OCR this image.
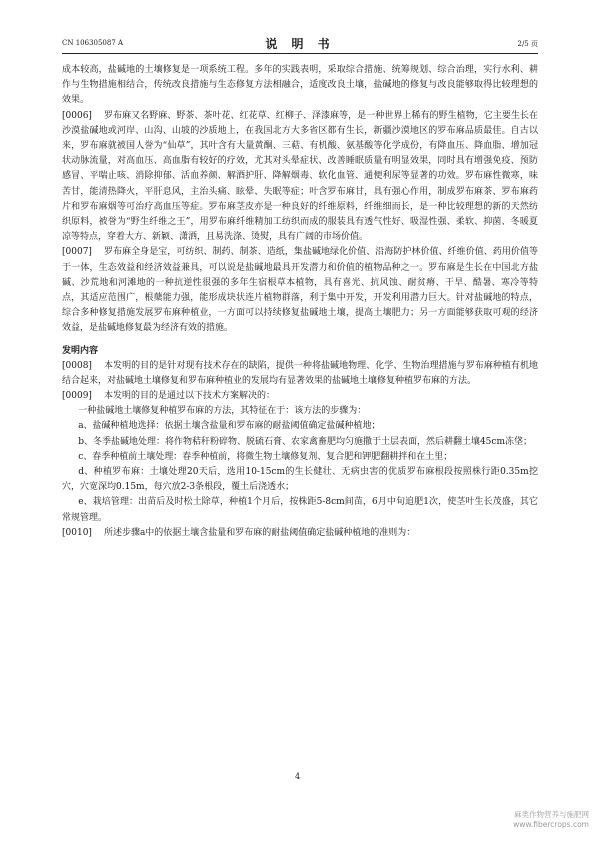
CN 106305087 A	说 明 书	2/5 页

成本较高，盐碱地的土壤修复是一项系统工程。多年的实践表明，采取综合措施、统筹规划、综合治理，实行水利、耕作与生物措施相结合，传统改良措施与生态修复方法相融合，适度改良土壤，盐碱地的修复与改良能够取得比较理想的效果。

[0006] 罗布麻又名野麻、野茶、茶叶花、红花草、红柳子、泽漆麻等，是一种世界上稀有的野生植物，它主要生长在沙漠盐碱地或河岸、山沟、山坡的沙质地上，在我国北方大多省区都有生长，新疆沙漠地区的罗布麻品质最佳。自古以来，罗布麻就被国人誉为“仙草”，其叶含有大量黄酮、三萜、有机酸、氨基酸等化学成份，有降血压、降血脂、增加冠状动脉流量，对高血压、高血脂有较好的疗效，尤其对头晕症状、改善睡眠质量有明显效果，同时具有增强免疫、预防感冒、平喘止咳、消除抑郁、活血养颜、解酒护肝、降解烟毒、软化血管、通便利尿等显著的功效。罗布麻性微寒，味苦甘，能清热降火，平肝息风，主治头痛、眩晕、失眠等症；叶含罗布麻甘，具有强心作用，制成罗布麻茶、罗布麻药片和罗布麻烟等可治疗高血压等症。罗布麻茎皮亦是一种良好的纤维原料，纤维细而长，是一种比较理想的新的天然纺织原料，被誉为“野生纤维之王”，用罗布麻纤维精加工纺织而成的服装具有透气性好、吸湿性强、柔软、抑菌、冬暖夏凉等特点，穿着大方、新颖、潇洒，且易洗涤、烫熨，具有广阔的市场价值。

[0007] 罗布麻全身是宝，可纺织、制药、制茶、造纸，集盐碱地绿化价值、沿海防护林价值、纤维价值、药用价值等于一体，生态效益和经济效益兼具，可以说是盐碱地最具开发潜力和价值的植物品种之一。罗布麻是生长在中国北方盐碱、沙荒地和河滩地的一种抗逆性很强的多年生宿根草本植物，具有喜光、抗风蚀、耐贫瘠、干旱、酷暑、寒冷等特点，其适应范围广，根蘖能力强，能形成块状连片植物群落，利于集中开发，开发利用潜力巨大。针对盐碱地的特点，综合多种修复措施发展罗布麻种植业，一方面可以持续修复盐碱地土壤，提高土壤肥力；另一方面能够获取可观的经济效益，是盐碱地修复最为经济有效的措施。

发明内容

[0008] 本发明的目的是针对现有技术存在的缺陷，提供一种将盐碱地物理、化学、生物治理措施与罗布麻种植有机地结合起来，对盐碱地土壤修复和罗布麻种植业的发展均有显著效果的盐碱地土壤修复种植罗布麻的方法。

[0009] 本发明的目的是通过以下技术方案解决的：

一种盐碱地土壤修复种植罗布麻的方法，其特征在于：该方法的步骤为：

a、盐碱种植地选择：依据土壤含盐量和罗布麻的耐盐阈值确定盐碱种植地；

b、冬季盐碱地处理：将作物秸秆粉碎物、脱硫石膏、农家禽畜肥均匀施撒于土层表面，然后耕翻土壤45cm冻垡；

c、春季种植前土壤处理：春季种植前，将微生物土壤修复剂、复合肥和钾肥翻耕拌和在土里；

d、种植罗布麻：土壤处理20天后，选用10-15cm的生长健壮、无病虫害的优质罗布麻根段按照株行距0.35m挖穴，穴宽深均0.15m，每穴放2-3条根段，覆土后浇透水；

e、栽培管理：出苗后及时松土除草，种植1个月后，按株距5-8cm间苗，6月中旬追肥1次，使茎叶生长茂盛，其它常规管理。

[0010] 所述步骤a中的依据土壤含盐量和罗布麻的耐盐阈值确定盐碱种植地的准则为：

4
麻类作物营养与施肥网
www.fibercrops.com
